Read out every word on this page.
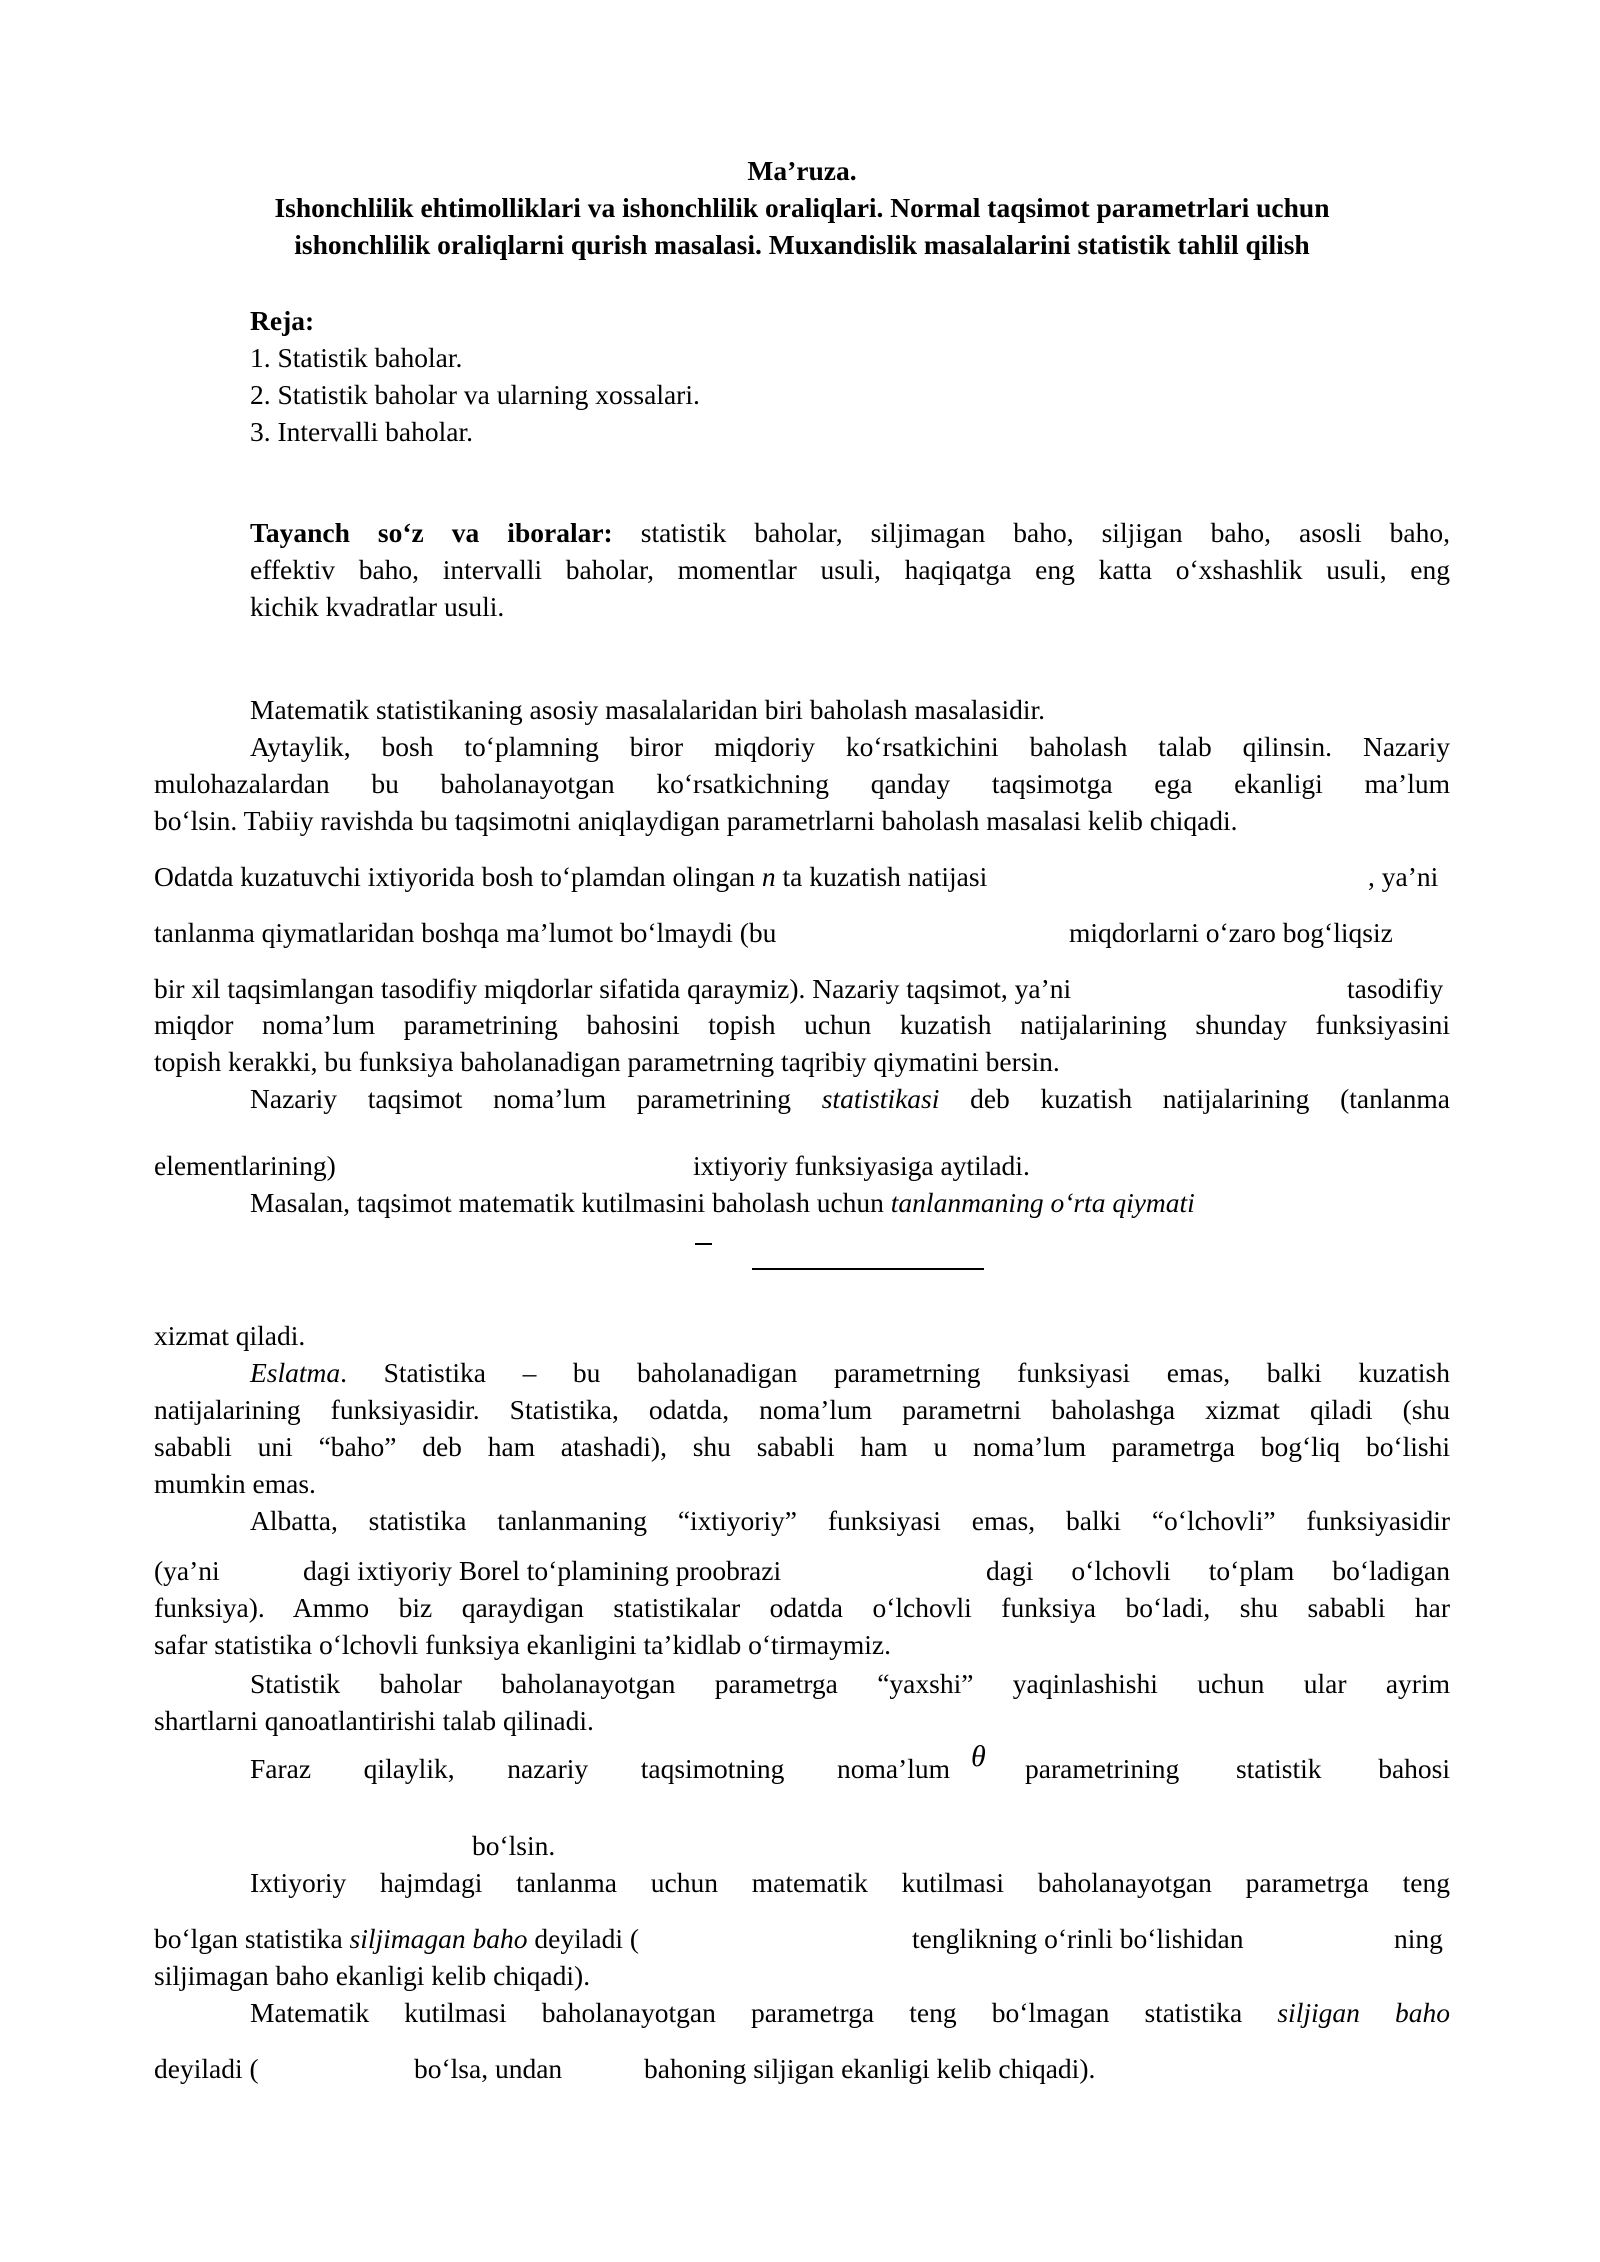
Ma’ruza.
Ishonchlilik ehtimolliklari va ishonchlilik oraliqlari. Normal taqsimot parametrlari uchun
ishonchlilik oraliqlarni qurish masalasi. Muxandislik masalalarini statistik tahlil qilish
Reja:
1. Statistik baholar.
2. Statistik baholar va ularning xossalari.
3. Intervalli baholar.
Tayanch so‘z va iboralar: statistik baholar, siljimagan baho, siljigan baho, asosli baho,
effektiv baho, intervalli baholar, momentlar usuli, haqiqatga eng katta o‘xshashlik usuli, eng
kichik kvadratlar usuli.
Matematik statistikaning asosiy masalalaridan biri baholash masalasidir.
Aytaylik, bosh to‘plamning biror miqdoriy ko‘rsatkichini baholash talab qilinsin. Nazariy
mulohazalardan bu baholanayotgan ko‘rsatkichning qanday taqsimotga ega ekanligi ma’lum
bo‘lsin. Tabiiy ravishda bu taqsimotni aniqlaydigan parametrlarni baholash masalasi kelib chiqadi.
Odatda kuzatuvchi ixtiyorida bosh to‘plamdan olingan n ta kuzatish natijasi	, ya’ni
tanlanma qiymatlaridan boshqa ma’lumot bo‘lmaydi (bu	miqdorlarni o‘zaro bog‘liqsiz
bir xil taqsimlangan tasodifiy miqdorlar sifatida qaraymiz). Nazariy taqsimot, ya’ni	tasodifiy
miqdor noma’lum parametrining bahosini topish uchun kuzatish natijalarining shunday funksiyasini
topish kerakki, bu funksiya baholanadigan parametrning taqribiy qiymatini bersin.
Nazariy taqsimot noma’lum parametrining statistikasi deb kuzatish natijalarining (tanlanma
elementlarining)	ixtiyoriy funksiyasiga aytiladi.
Masalan, taqsimot matematik kutilmasini baholash uchun tanlanmaning o‘rta qiymati
xizmat qiladi.
Eslatma. Statistika – bu baholanadigan parametrning funksiyasi emas, balki kuzatish
natijalarining funksiyasidir. Statistika, odatda, noma’lum parametrni baholashga xizmat qiladi (shu
sababli uni “baho” deb ham atashadi), shu sababli ham u noma’lum parametrga bog‘liq bo‘lishi
mumkin emas.
Albatta, statistika tanlanmaning “ixtiyoriy” funksiyasi emas, balki “o‘lchovli” funksiyasidir
(ya’ni	dagi ixtiyoriy Borel to‘plamining proobrazi	dagi o‘lchovli to‘plam bo‘ladigan
funksiya). Ammo biz qaraydigan statistikalar odatda o‘lchovli funksiya bo‘ladi, shu sababli har
safar statistika o‘lchovli funksiya ekanligini ta’kidlab o‘tirmaymiz.
Statistik baholar baholanayotgan parametrga “yaxshi” yaqinlashishi uchun ular ayrim
shartlarni qanoatlantirishi talab qilinadi.
Faraz qilaylik, nazariy taqsimotning noma’lum θ parametrining statistik bahosi
bo‘lsin.
Ixtiyoriy hajmdagi tanlanma uchun matematik kutilmasi baholanayotgan parametrga teng
bo‘lgan statistika siljimagan baho deyiladi (	tenglikning o‘rinli bo‘lishidan	ning
siljimagan baho ekanligi kelib chiqadi).
Matematik kutilmasi baholanayotgan parametrga teng bo‘lmagan statistika siljigan baho
deyiladi (	bo‘lsa, undan	bahoning siljigan ekanligi kelib chiqadi).
